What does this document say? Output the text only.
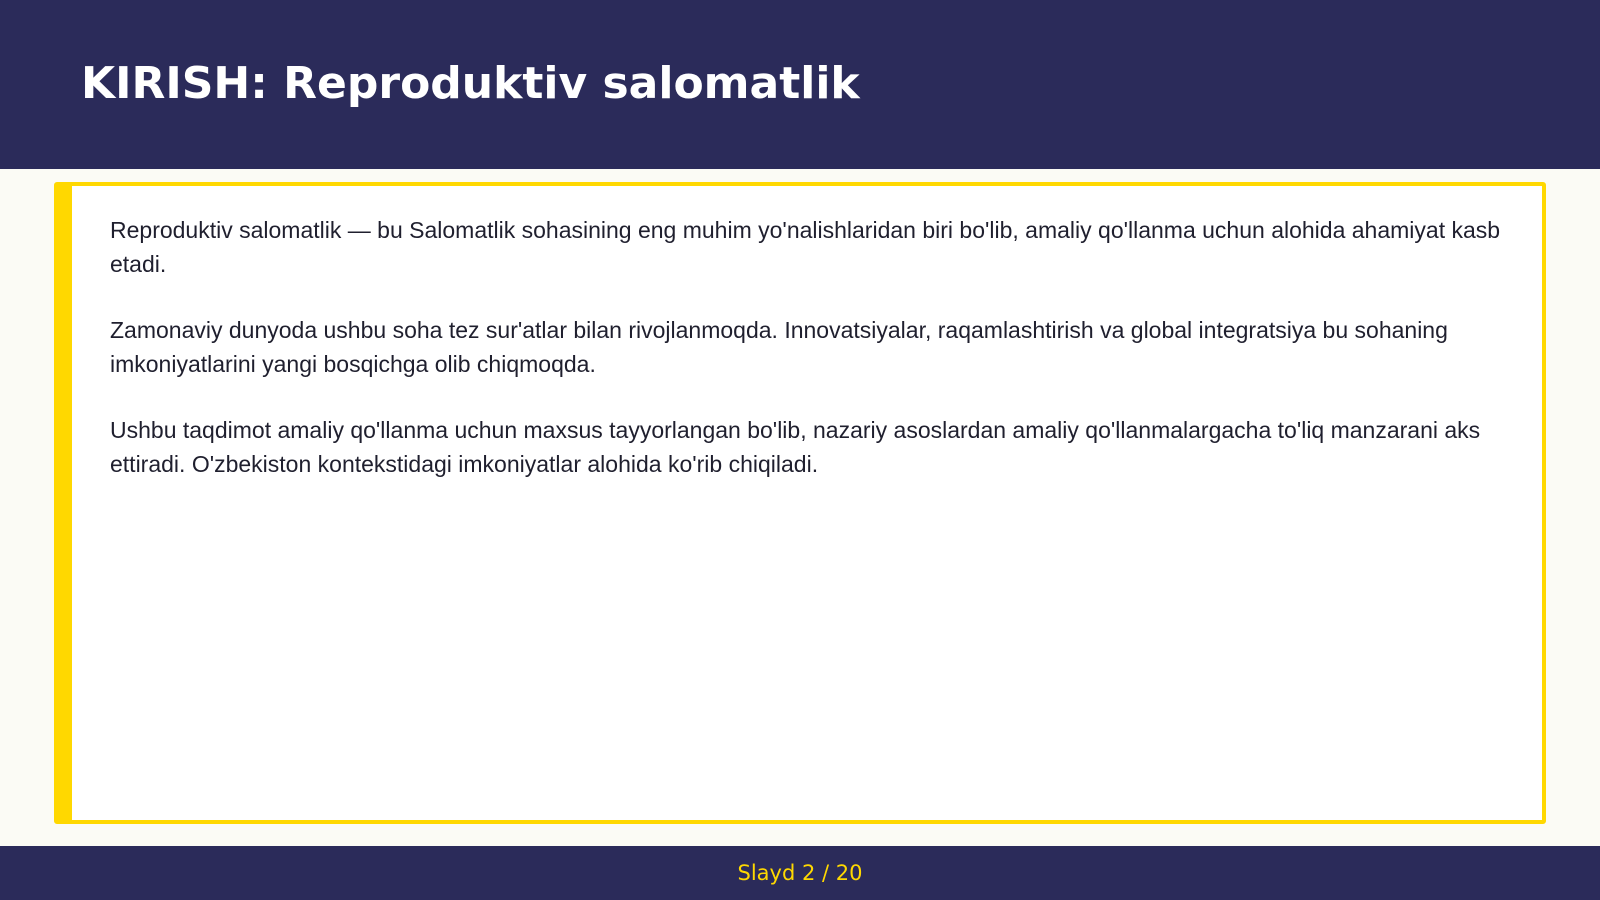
KIRISH: Reproduktiv salomatlik

Reproduktiv salomatlik — bu Salomatlik sohasining eng muhim yo'nalishlaridan biri bo'lib, amaliy qo'llanma uchun alohida ahamiyat kasb etadi.

Zamonaviy dunyoda ushbu soha tez sur'atlar bilan rivojlanmoqda. Innovatsiyalar, raqamlashtirish va global integratsiya bu sohaning imkoniyatlarini yangi bosqichga olib chiqmoqda.

Ushbu taqdimot amaliy qo'llanma uchun maxsus tayyorlangan bo'lib, nazariy asoslardan amaliy qo'llanmalargacha to'liq manzarani aks ettiradi. O'zbekiston kontekstidagi imkoniyatlar alohida ko'rib chiqiladi.

Slayd 2 / 20
